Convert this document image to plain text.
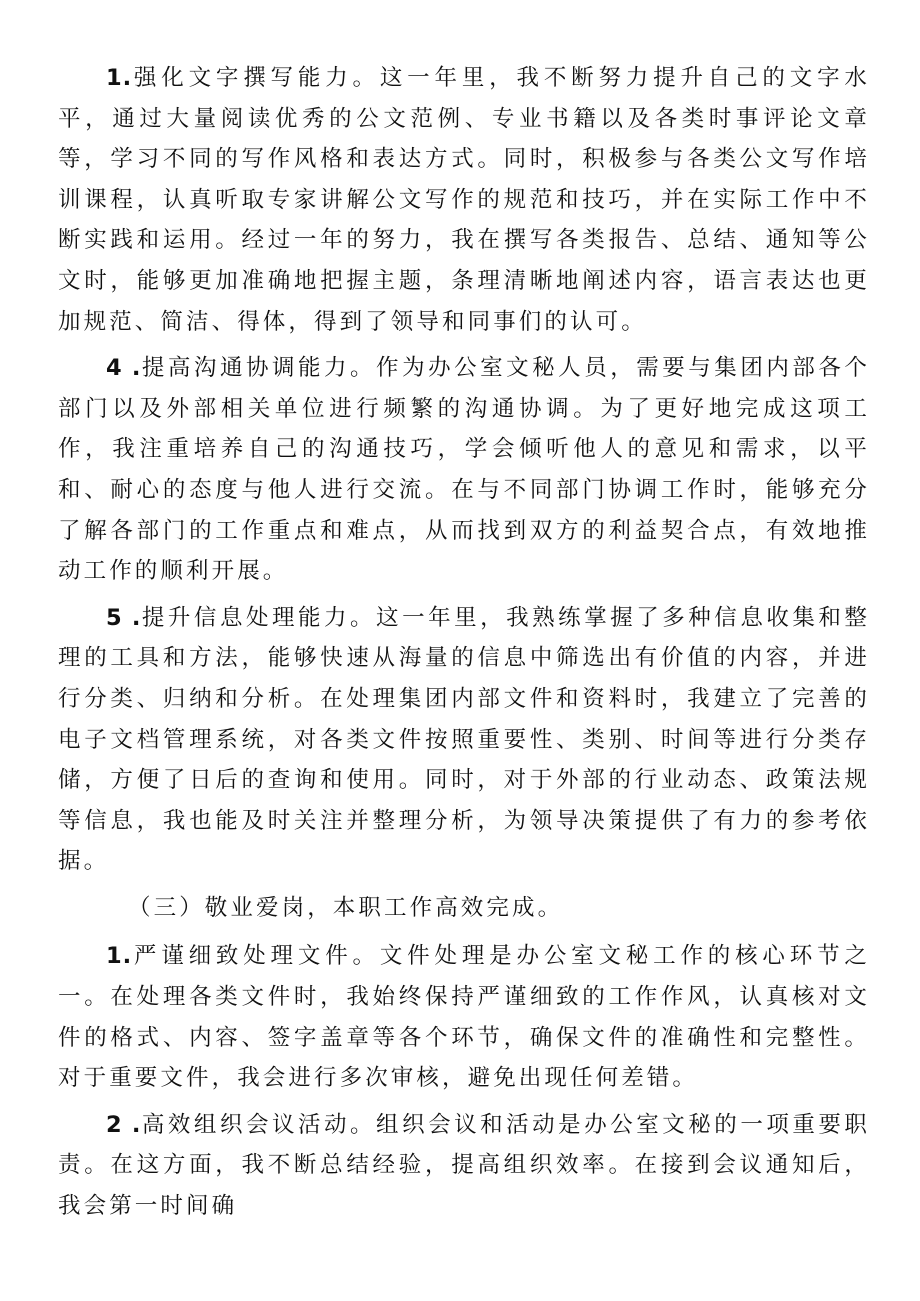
1.强化文字撰写能力。这一年里，我不断努力提升自己的文字水平，通过大量阅读优秀的公文范例、专业书籍以及各类时事评论文章等，学习不同的写作风格和表达方式。同时，积极参与各类公文写作培训课程，认真听取专家讲解公文写作的规范和技巧，并在实际工作中不断实践和运用。经过一年的努力，我在撰写各类报告、总结、通知等公文时，能够更加准确地把握主题，条理清晰地阐述内容，语言表达也更加规范、简洁、得体，得到了领导和同事们的认可。

4 .提高沟通协调能力。作为办公室文秘人员，需要与集团内部各个部门以及外部相关单位进行频繁的沟通协调。为了更好地完成这项工作，我注重培养自己的沟通技巧，学会倾听他人的意见和需求，以平和、耐心的态度与他人进行交流。在与不同部门协调工作时，能够充分了解各部门的工作重点和难点，从而找到双方的利益契合点，有效地推动工作的顺利开展。

5 .提升信息处理能力。这一年里，我熟练掌握了多种信息收集和整理的工具和方法，能够快速从海量的信息中筛选出有价值的内容，并进行分类、归纳和分析。在处理集团内部文件和资料时，我建立了完善的电子文档管理系统，对各类文件按照重要性、类别、时间等进行分类存储，方便了日后的查询和使用。同时，对于外部的行业动态、政策法规等信息，我也能及时关注并整理分析，为领导决策提供了有力的参考依据。

（三）敬业爱岗，本职工作高效完成。

1.严谨细致处理文件。文件处理是办公室文秘工作的核心环节之一。在处理各类文件时，我始终保持严谨细致的工作作风，认真核对文件的格式、内容、签字盖章等各个环节，确保文件的准确性和完整性。对于重要文件，我会进行多次审核，避免出现任何差错。

2 .高效组织会议活动。组织会议和活动是办公室文秘的一项重要职责。在这方面，我不断总结经验，提高组织效率。在接到会议通知后，我会第一时间确
